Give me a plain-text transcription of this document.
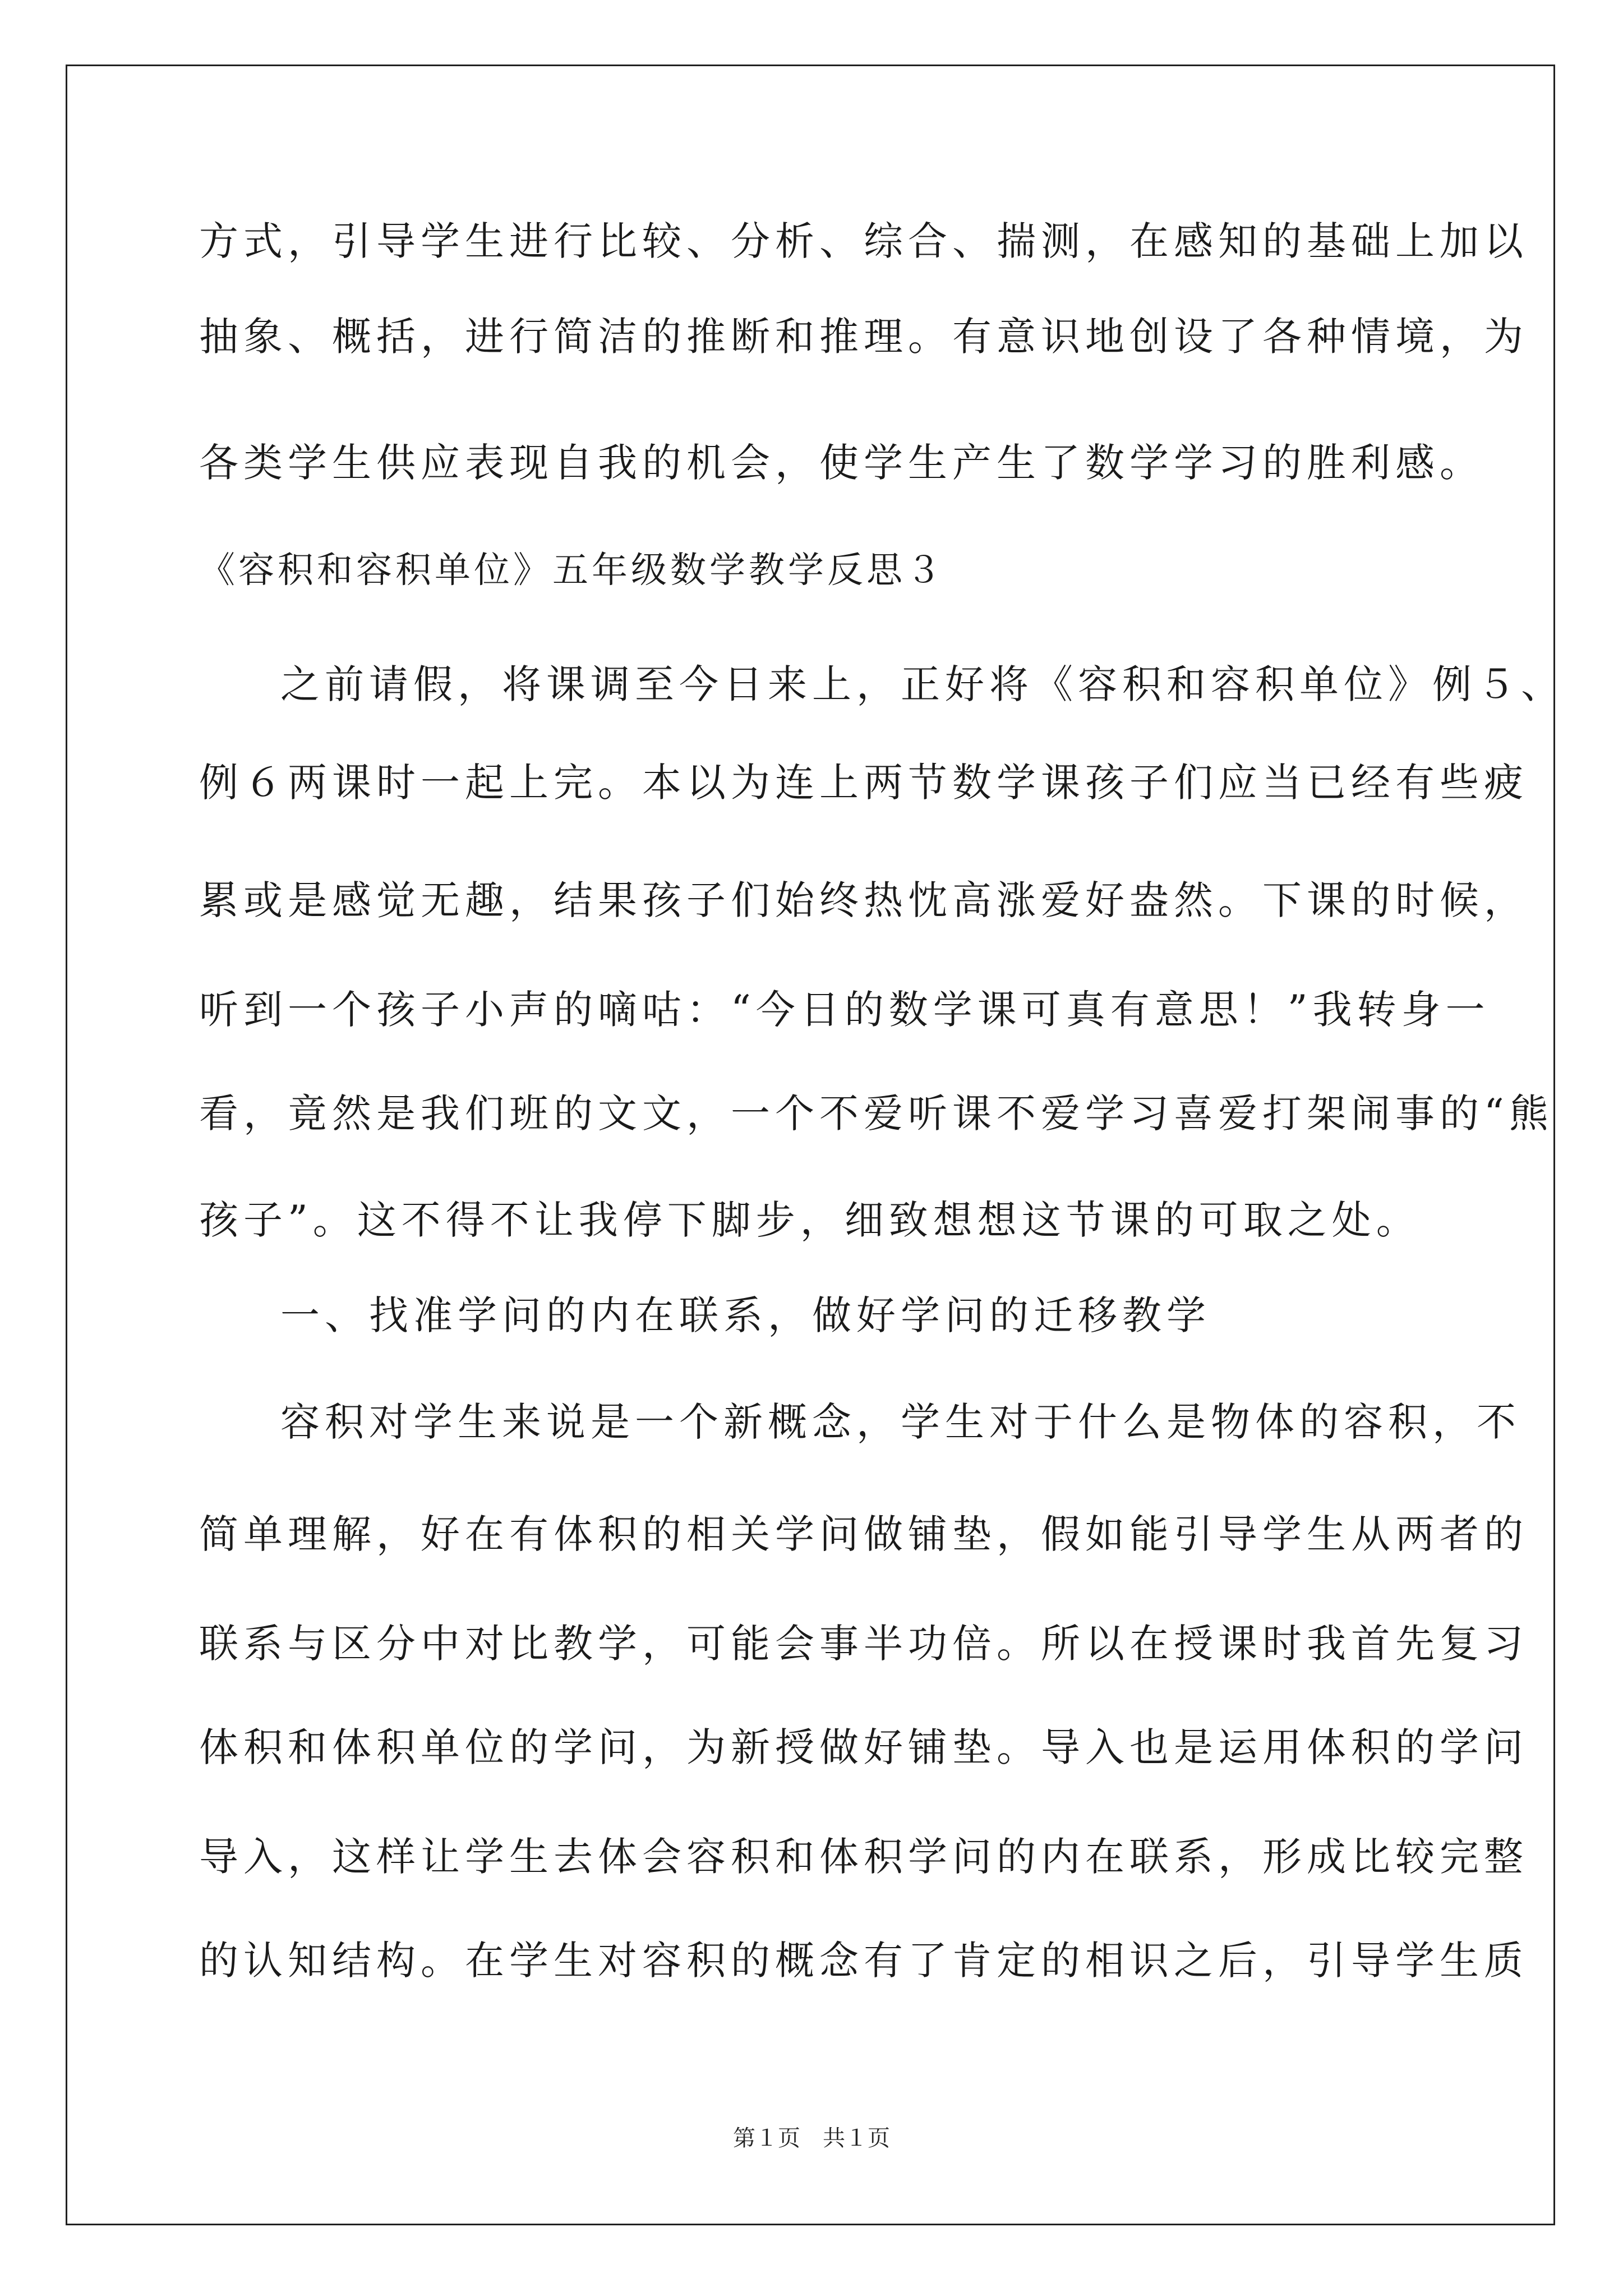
方式，引导学生进行比较、分析、综合、揣测，在感知的基础上加以
抽象、概括，进行简洁的推断和推理。有意识地创设了各种情境，为
各类学生供应表现自我的机会，使学生产生了数学学习的胜利感。
《容积和容积单位》五年级数学教学反思３
之前请假，将课调至今日来上，正好将《容积和容积单位》例５、
例６两课时一起上完。本以为连上两节数学课孩子们应当已经有些疲
累或是感觉无趣，结果孩子们始终热忱高涨爱好盎然。下课的时候，
听到一个孩子小声的嘀咕：“今日的数学课可真有意思！”我转身一
看，竟然是我们班的文文，一个不爱听课不爱学习喜爱打架闹事的“熊
孩子”。这不得不让我停下脚步，细致想想这节课的可取之处。
一、找准学问的内在联系，做好学问的迁移教学
容积对学生来说是一个新概念，学生对于什么是物体的容积，不
简单理解，好在有体积的相关学问做铺垫，假如能引导学生从两者的
联系与区分中对比教学，可能会事半功倍。所以在授课时我首先复习
体积和体积单位的学问，为新授做好铺垫。导入也是运用体积的学问
导入，这样让学生去体会容积和体积学问的内在联系，形成比较完整
的认知结构。在学生对容积的概念有了肯定的相识之后，引导学生质
第１页 共１页
